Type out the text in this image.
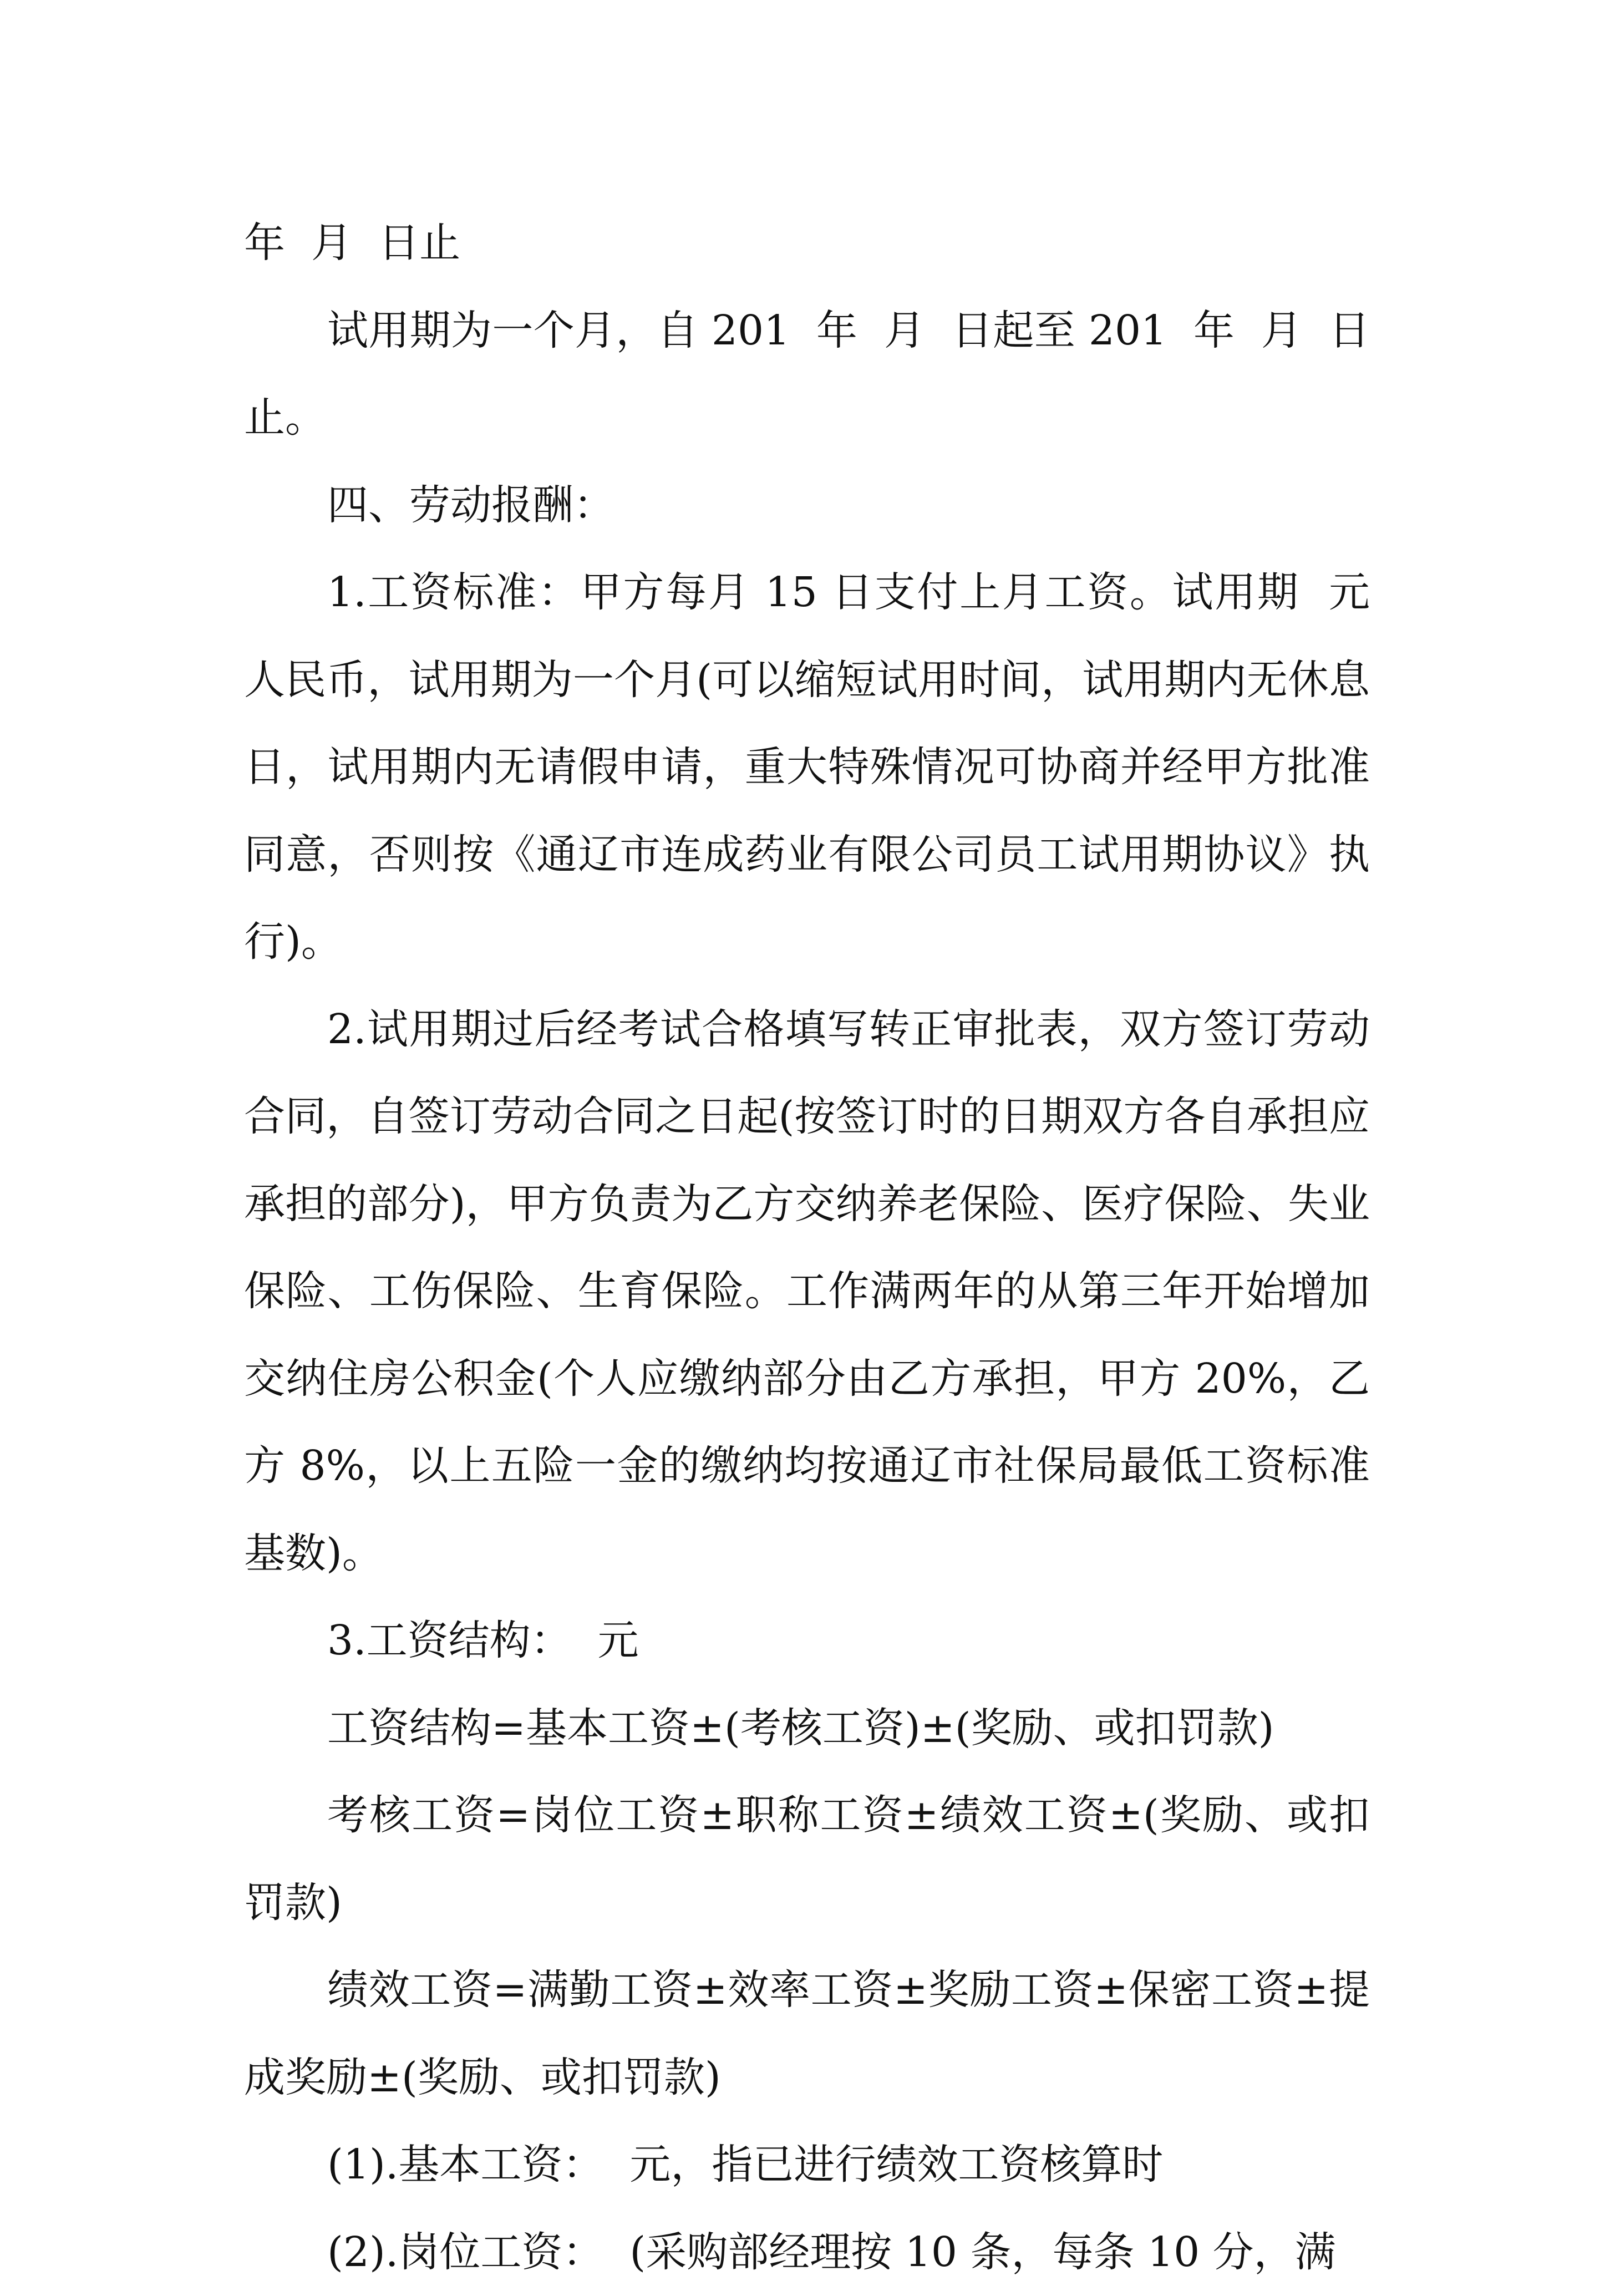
年  月  日止

试用期为一个月，自 201  年  月  日起至 201  年  月  日止。

四、劳动报酬：

1.工资标准：甲方每月 15 日支付上月工资。试用期  元人民币，试用期为一个月(可以缩短试用时间，试用期内无休息日，试用期内无请假申请，重大特殊情况可协商并经甲方批准同意，否则按《通辽市连成药业有限公司员工试用期协议》执行)。

2.试用期过后经考试合格填写转正审批表，双方签订劳动合同，自签订劳动合同之日起(按签订时的日期双方各自承担应承担的部分)，甲方负责为乙方交纳养老保险、医疗保险、失业保险、工伤保险、生育保险。工作满两年的从第三年开始增加交纳住房公积金(个人应缴纳部分由乙方承担，甲方 20%，乙方 8%，以上五险一金的缴纳均按通辽市社保局最低工资标准基数)。

3.工资结构：  元

工资结构=基本工资±(考核工资)±(奖励、或扣罚款)

考核工资=岗位工资±职称工资±绩效工资±(奖励、或扣罚款)

绩效工资=满勤工资±效率工资±奖励工资±保密工资±提成奖励±(奖励、或扣罚款)

(1).基本工资：  元，指已进行绩效工资核算时

(2).岗位工资：  (采购部经理按 10 条，每条 10 分，满
